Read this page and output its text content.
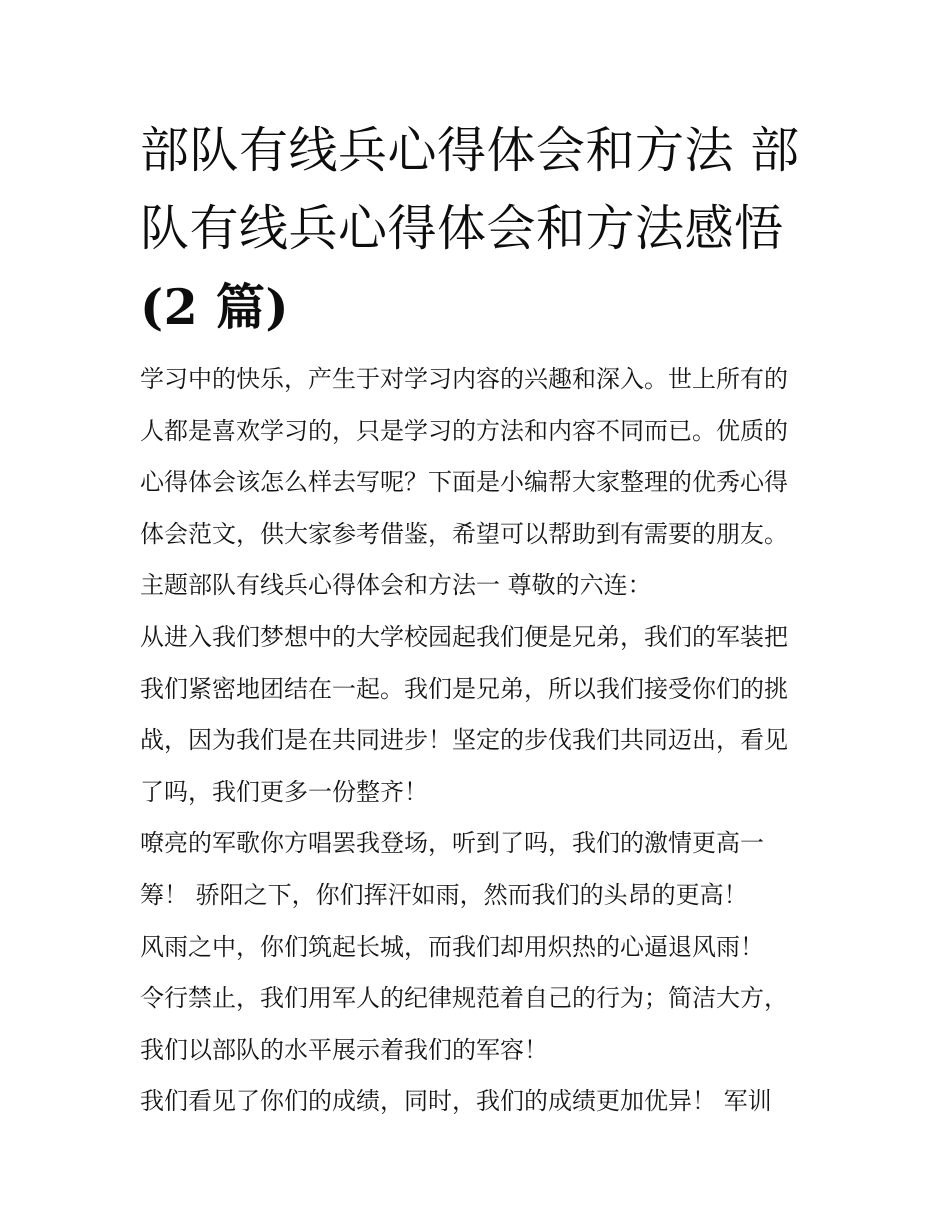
部队有线兵心得体会和方法 部
队有线兵心得体会和方法感悟
(2 篇)

学习中的快乐，产生于对学习内容的兴趣和深入。世上所有的

人都是喜欢学习的，只是学习的方法和内容不同而已。优质的

心得体会该怎么样去写呢？下面是小编帮大家整理的优秀心得

体会范文，供大家参考借鉴，希望可以帮助到有需要的朋友。

主题部队有线兵心得体会和方法一 尊敬的六连：

从进入我们梦想中的大学校园起我们便是兄弟，我们的军装把

我们紧密地团结在一起。我们是兄弟，所以我们接受你们的挑

战，因为我们是在共同进步！坚定的步伐我们共同迈出，看见

了吗，我们更多一份整齐！

嘹亮的军歌你方唱罢我登场，听到了吗，我们的激情更高一

筹！ 骄阳之下，你们挥汗如雨，然而我们的头昂的更高！

风雨之中，你们筑起长城，而我们却用炽热的心逼退风雨！

令行禁止，我们用军人的纪律规范着自己的行为；简洁大方，

我们以部队的水平展示着我们的军容！

我们看见了你们的成绩，同时，我们的成绩更加优异！ 军训
